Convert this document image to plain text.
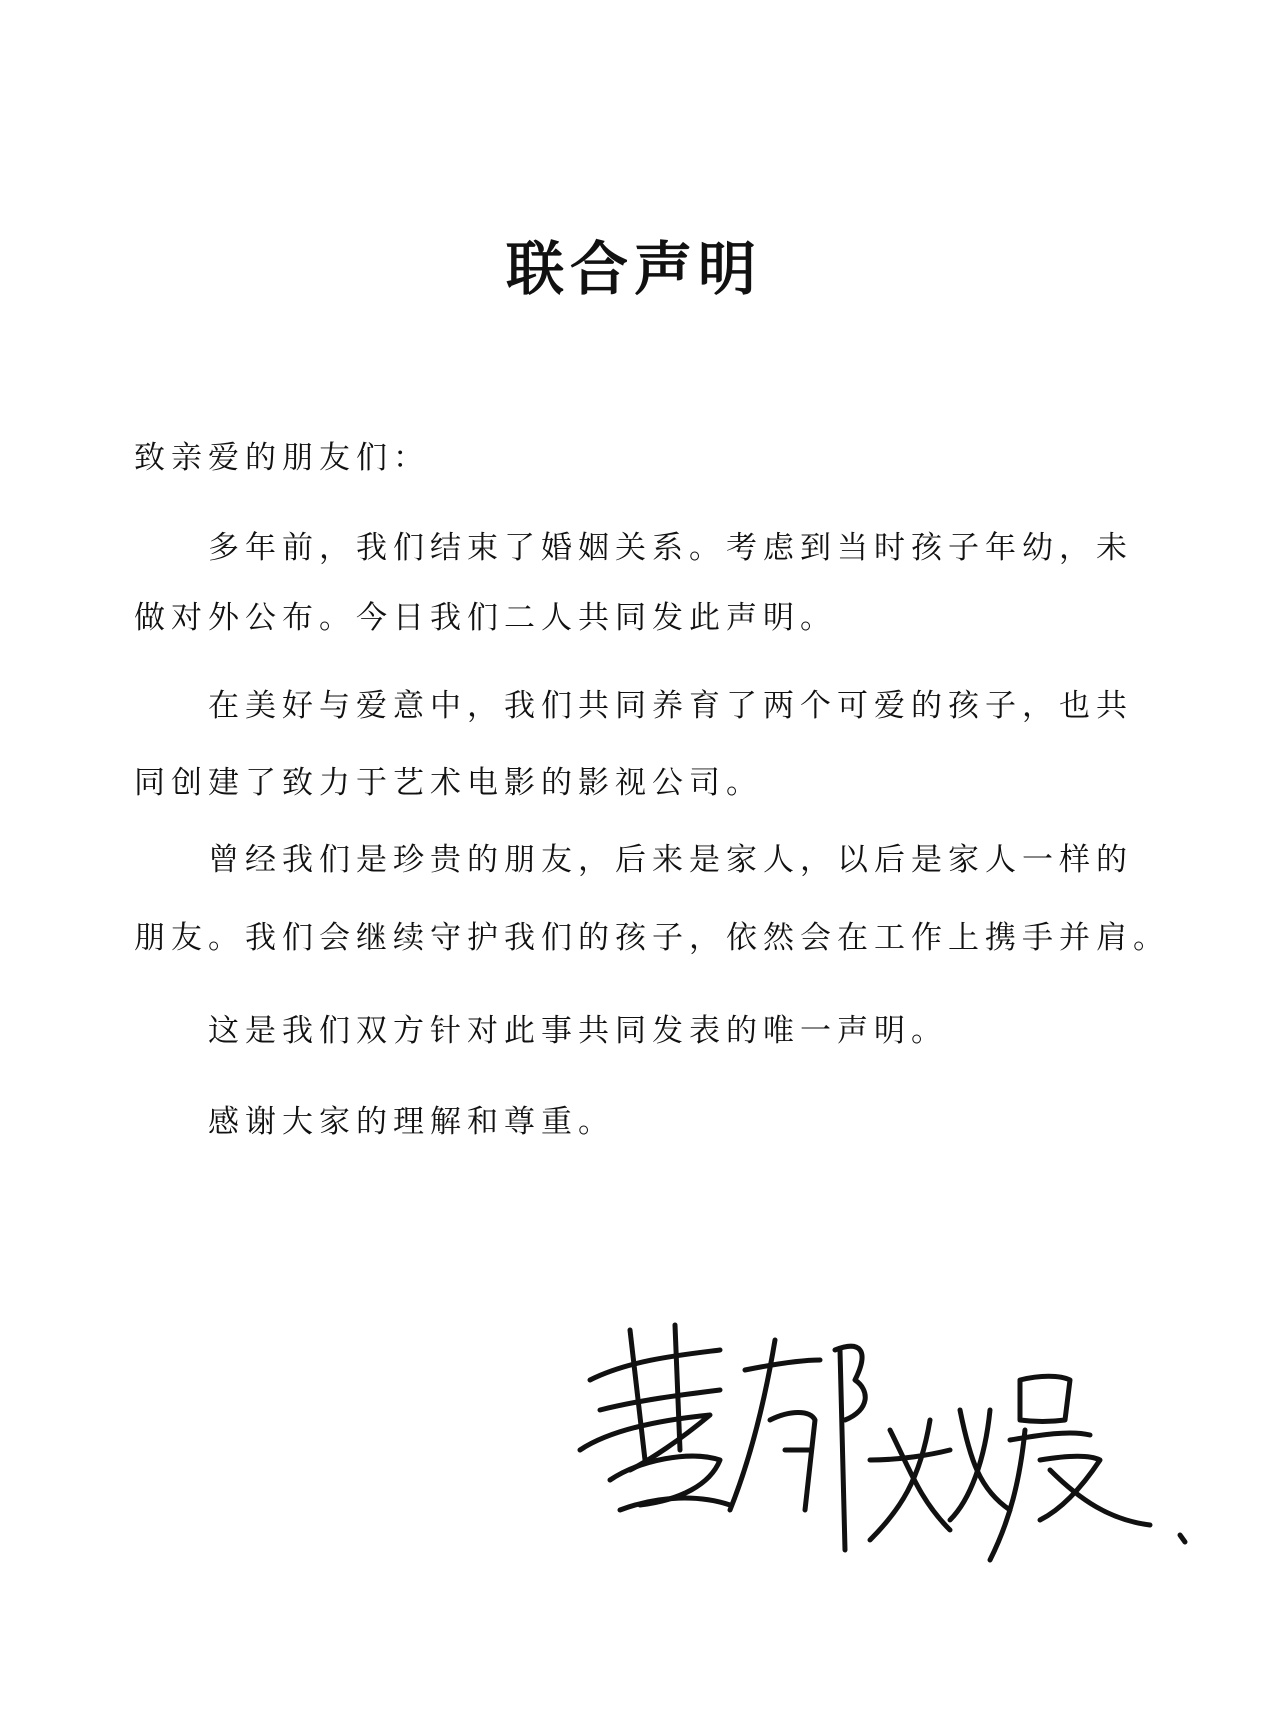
联合声明
致亲爱的朋友们：
多年前，我们结束了婚姻关系。考虑到当时孩子年幼，未
做对外公布。今日我们二人共同发此声明。
在美好与爱意中，我们共同养育了两个可爱的孩子，也共
同创建了致力于艺术电影的影视公司。
曾经我们是珍贵的朋友，后来是家人，以后是家人一样的
朋友。我们会继续守护我们的孩子，依然会在工作上携手并肩。
这是我们双方针对此事共同发表的唯一声明。
感谢大家的理解和尊重。
